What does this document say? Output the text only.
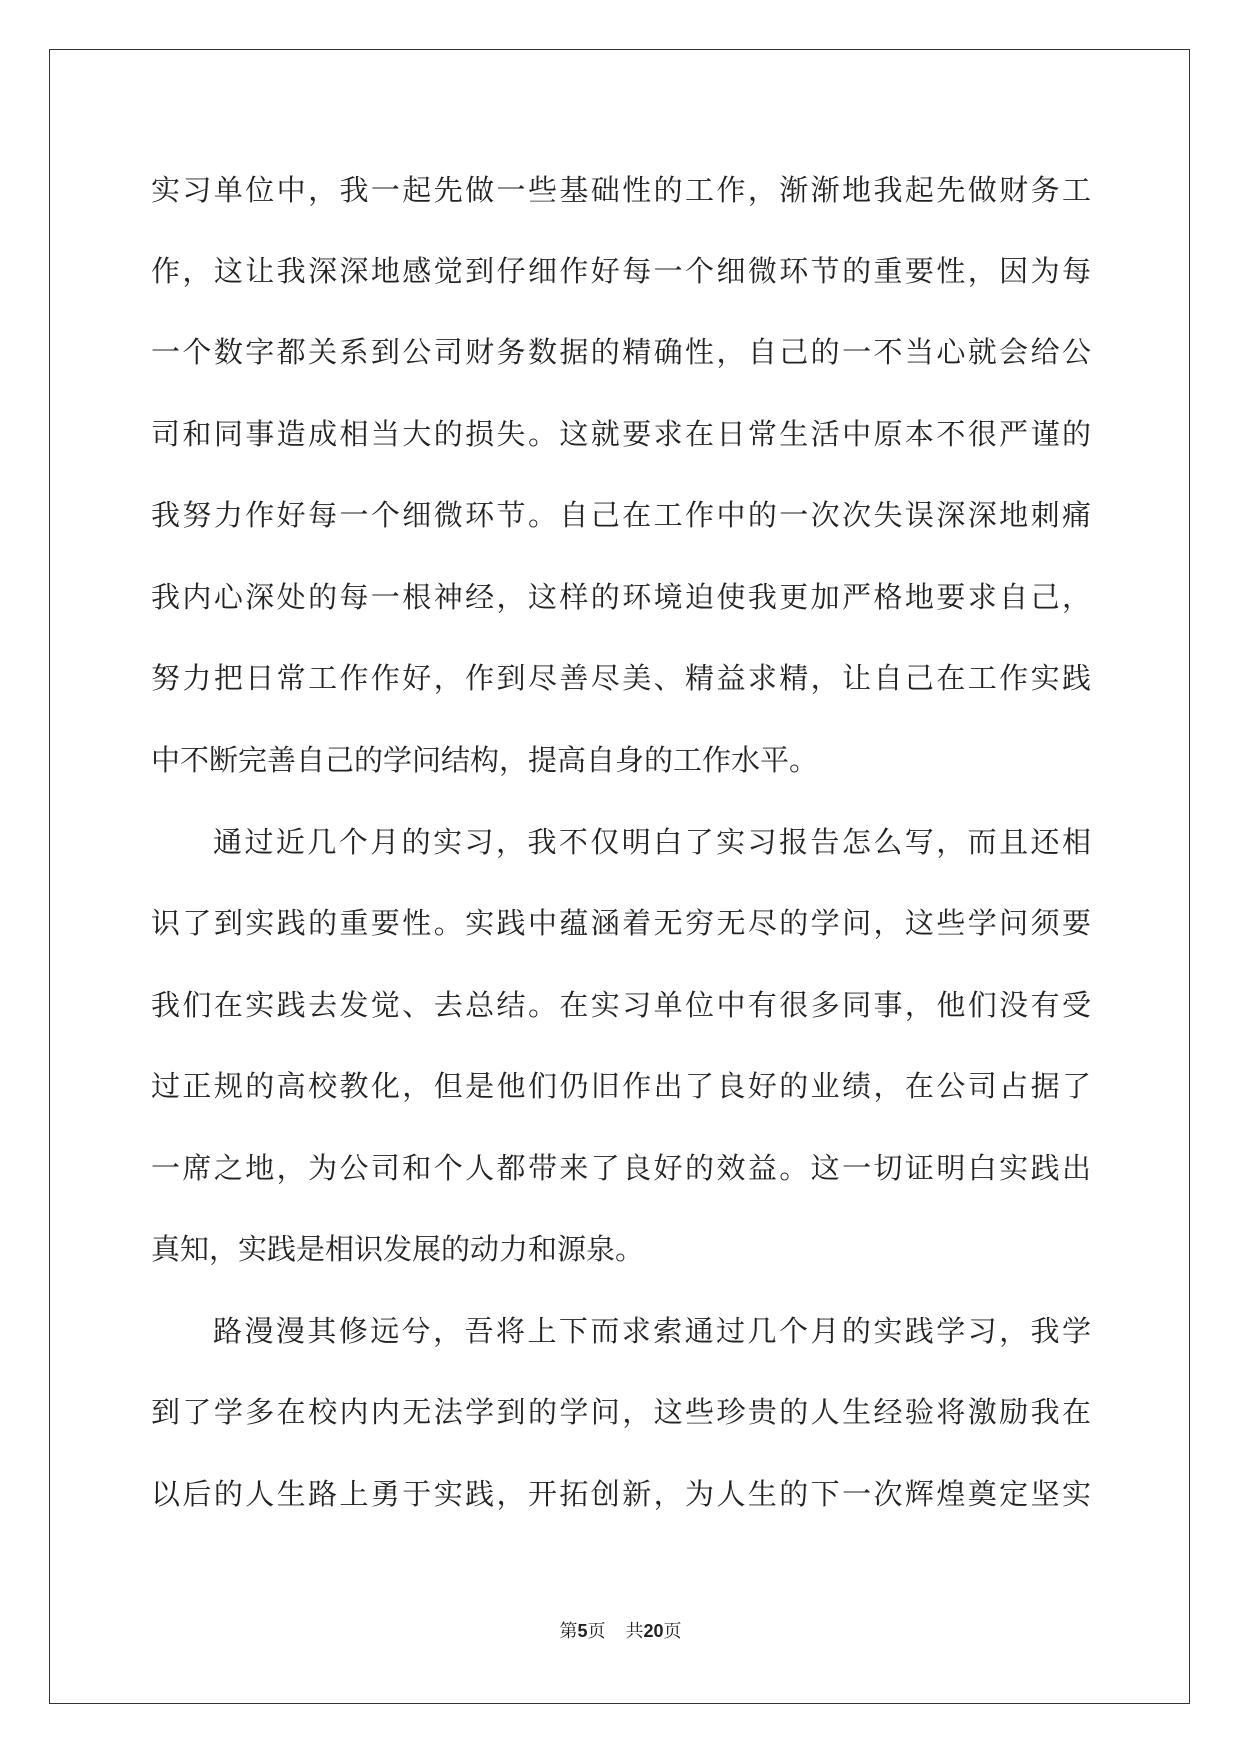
实习单位中，我一起先做一些基础性的工作，渐渐地我起先做财务工
作，这让我深深地感觉到仔细作好每一个细微环节的重要性，因为每
一个数字都关系到公司财务数据的精确性，自己的一不当心就会给公
司和同事造成相当大的损失。这就要求在日常生活中原本不很严谨的
我努力作好每一个细微环节。自己在工作中的一次次失误深深地刺痛
我内心深处的每一根神经，这样的环境迫使我更加严格地要求自己，
努力把日常工作作好，作到尽善尽美、精益求精，让自己在工作实践
中不断完善自己的学问结构，提高自身的工作水平。
通过近几个月的实习，我不仅明白了实习报告怎么写，而且还相
识了到实践的重要性。实践中蕴涵着无穷无尽的学问，这些学问须要
我们在实践去发觉、去总结。在实习单位中有很多同事，他们没有受
过正规的高校教化，但是他们仍旧作出了良好的业绩，在公司占据了
一席之地，为公司和个人都带来了良好的效益。这一切证明白实践出
真知，实践是相识发展的动力和源泉。
路漫漫其修远兮，吾将上下而求索通过几个月的实践学习，我学
到了学多在校内内无法学到的学问，这些珍贵的人生经验将激励我在
以后的人生路上勇于实践，开拓创新，为人生的下一次辉煌奠定坚实
第5页 共20页
